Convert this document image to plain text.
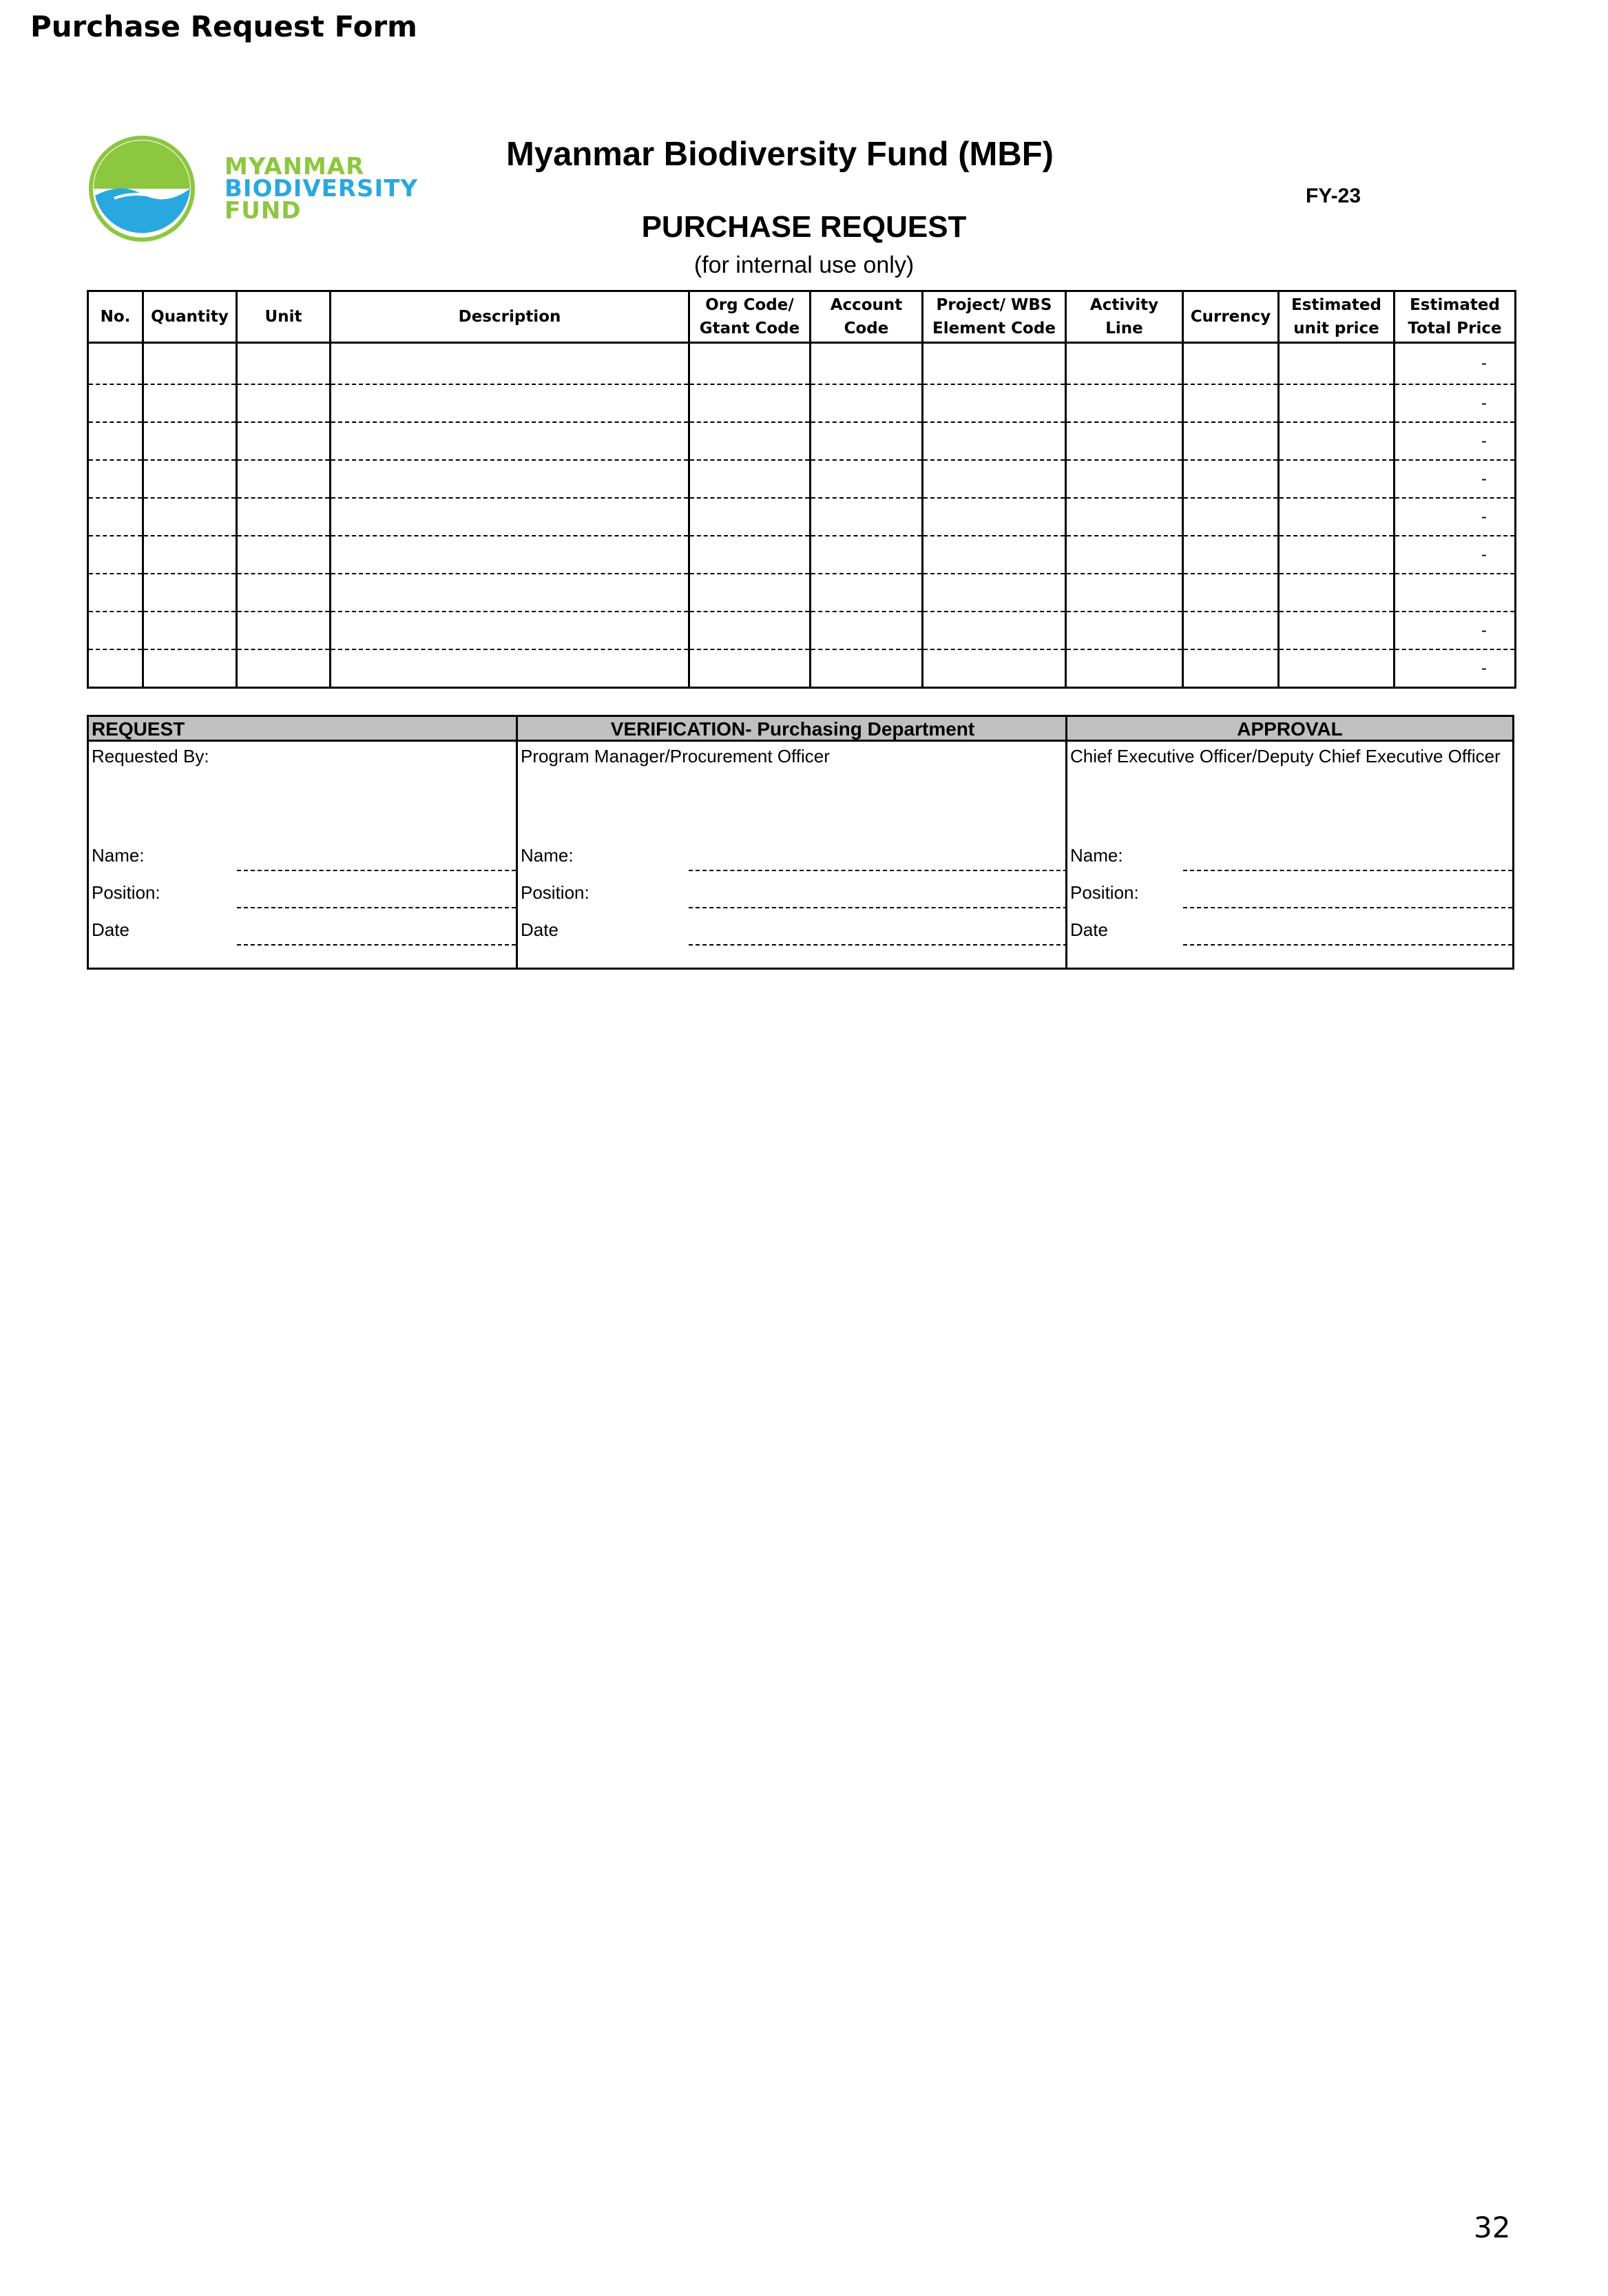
Purchase Request Form
MYANMAR
BIODIVERSITY
FUND
Myanmar Biodiversity Fund (MBF)
FY-23
PURCHASE REQUEST
(for internal use only)
No.	Quantity	Unit	Description	Org Code/ Gtant Code	Account Code	Project/ WBS Element Code	Activity Line	Currency	Estimated unit price	Estimated Total Price
										-
										-
										-
										-
										-
										-

										-
										-
REQUEST
Requested By:
Name:
Position:
Date
VERIFICATION- Purchasing Department
Program Manager/Procurement Officer
Name:
Position:
Date
APPROVAL
Chief Executive Officer/Deputy Chief Executive Officer
Name:
Position:
Date
32
